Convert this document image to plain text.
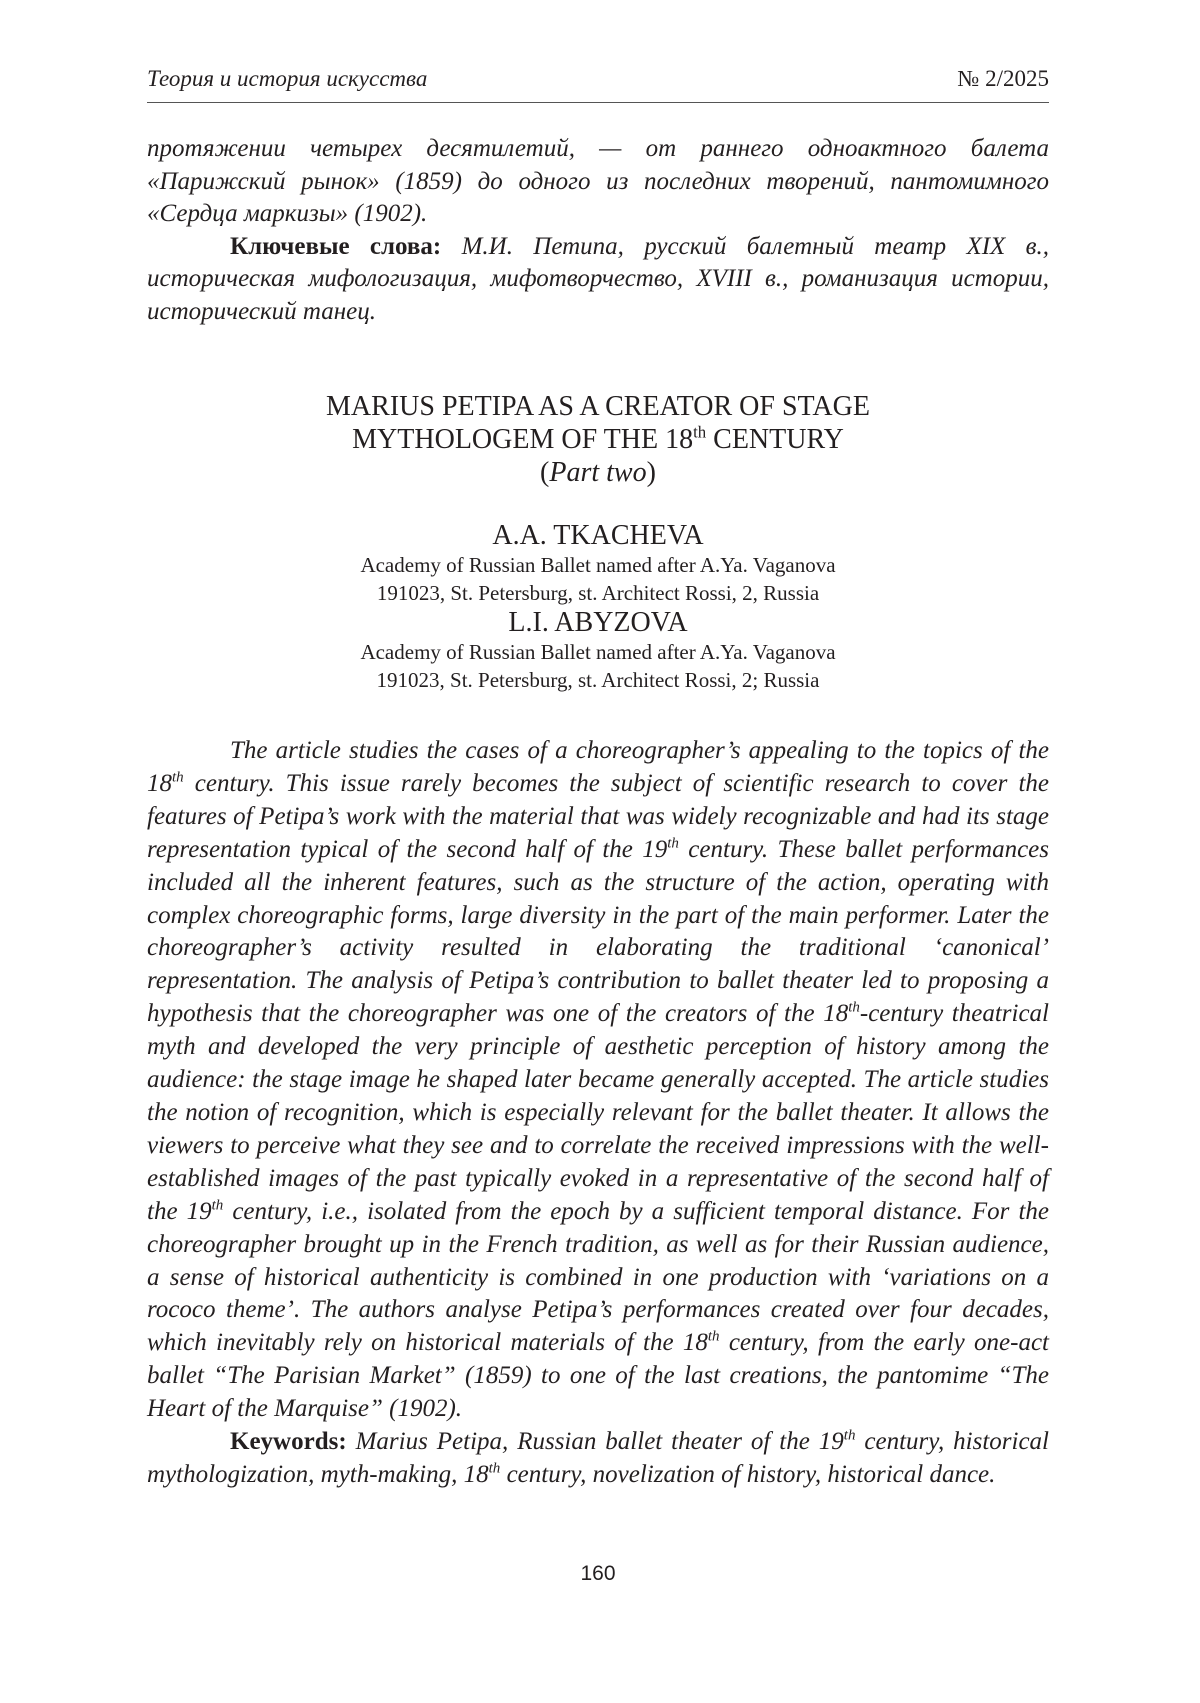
Теория и история искусства	№ 2/2025

протяжении четырех десятилетий, — от раннего одноактного балета «Парижский рынок» (1859) до одного из последних творений, пантомимного «Сердца маркизы» (1902).

Ключевые слова: М.И. Петипа, русский балетный театр XIX в., историческая мифологизация, мифотворчество, XVIII в., романизация истории, исторический танец.

MARIUS PETIPA AS A CREATOR OF STAGE
MYTHOLOGEM OF THE 18th CENTURY
(Part two)
A.A. TKACHEVA
Academy of Russian Ballet named after A.Ya. Vaganova
191023, St. Petersburg, st. Architect Rossi, 2, Russia
L.I. ABYZOVA
Academy of Russian Ballet named after A.Ya. Vaganova
191023, St. Petersburg, st. Architect Rossi, 2; Russia

The article studies the cases of a choreographer’s appealing to the topics of the 18th century. This issue rarely becomes the subject of scientific research to cover the features of Petipa’s work with the material that was widely recognizable and had its stage representation typical of the second half of the 19th century. These ballet performances included all the inherent features, such as the structure of the action, operating with complex choreographic forms, large diversity in the part of the main performer. Later the choreographer’s activity resulted in elaborating the traditional ‘canonical’ representation. The analysis of Petipa’s contribution to ballet theater led to proposing a hypothesis that the choreographer was one of the creators of the 18th-century theatrical myth and developed the very principle of aesthetic perception of history among the audience: the stage image he shaped later became generally accepted. The article studies the notion of recognition, which is especially relevant for the ballet theater. It allows the viewers to perceive what they see and to correlate the received impressions with the well-established images of the past typically evoked in a representative of the second half of the 19th century, i.e., isolated from the epoch by a sufficient temporal distance. For the choreographer brought up in the French tradition, as well as for their Russian audience, a sense of historical authenticity is combined in one production with ‘variations on a rococo theme’. The authors analyse Petipa’s performances created over four decades, which inevitably rely on historical materials of the 18th century, from the early one-act ballet “The Parisian Market” (1859) to one of the last creations, the pantomime “The Heart of the Marquise” (1902).

Keywords: Marius Petipa, Russian ballet theater of the 19th century, historical mythologization, myth-making, 18th century, novelization of history, historical dance.

160
